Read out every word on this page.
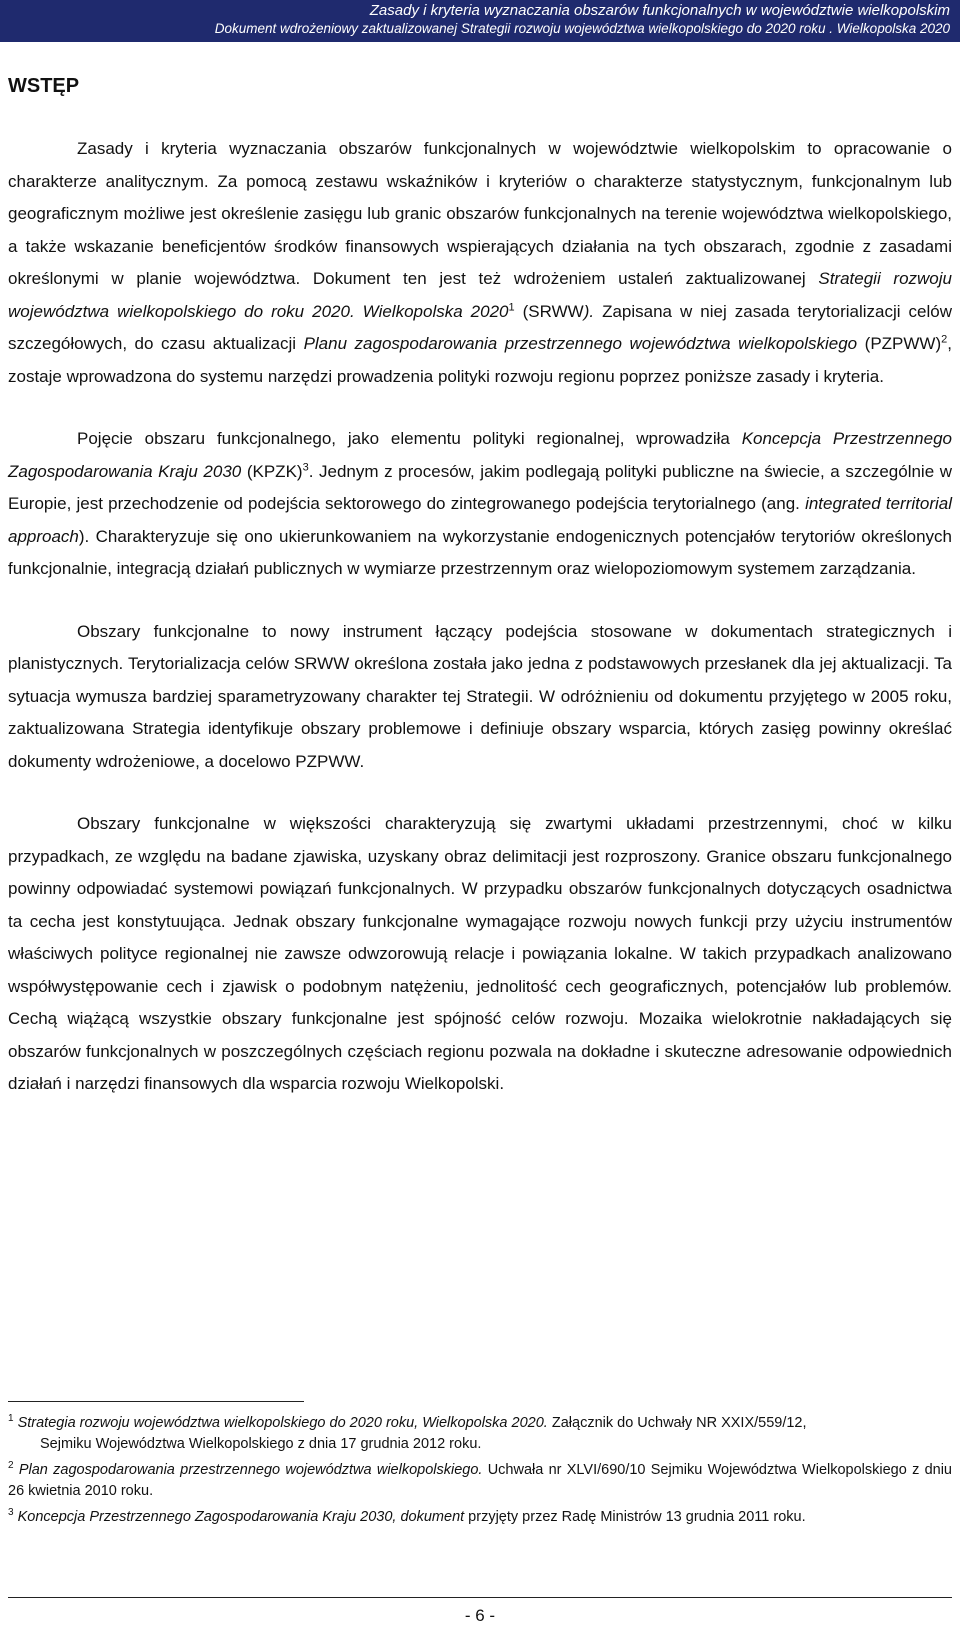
Zasady i kryteria wyznaczania obszarów funkcjonalnych w województwie wielkopolskim
Dokument wdrożeniowy zaktualizowanej Strategii rozwoju województwa wielkopolskiego do 2020 roku . Wielkopolska 2020
WSTĘP

Zasady i kryteria wyznaczania obszarów funkcjonalnych w województwie wielkopolskim to opracowanie o charakterze analitycznym. Za pomocą zestawu wskaźników i kryteriów o charakterze statystycznym, funkcjonalnym lub geograficznym możliwe jest określenie zasięgu lub granic obszarów funkcjonalnych na terenie województwa wielkopolskiego, a także wskazanie beneficjentów środków finansowych wspierających działania na tych obszarach, zgodnie z zasadami określonymi w planie województwa. Dokument ten jest też wdrożeniem ustaleń zaktualizowanej Strategii rozwoju województwa wielkopolskiego do roku 2020. Wielkopolska 2020$^1$ (SRWW). Zapisana w niej zasada terytorializacji celów szczegółowych, do czasu aktualizacji Planu zagospodarowania przestrzennego województwa wielkopolskiego (PZPWW)$^2$, zostaje wprowadzona do systemu narzędzi prowadzenia polityki rozwoju regionu poprzez poniższe zasady i kryteria.

Pojęcie obszaru funkcjonalnego, jako elementu polityki regionalnej, wprowadziła Koncepcja Przestrzennego Zagospodarowania Kraju 2030 (KPZK)$^3$. Jednym z procesów, jakim podlegają polityki publiczne na świecie, a szczególnie w Europie, jest przechodzenie od podejścia sektorowego do zintegrowanego podejścia terytorialnego (ang. integrated territorial approach). Charakteryzuje się ono ukierunkowaniem na wykorzystanie endogenicznych potencjałów terytoriów określonych funkcjonalnie, integracją działań publicznych w wymiarze przestrzennym oraz wielopoziomowym systemem zarządzania.

Obszary funkcjonalne to nowy instrument łączący podejścia stosowane w dokumentach strategicznych i planistycznych. Terytorializacja celów SRWW określona została jako jedna z podstawowych przesłanek dla jej aktualizacji. Ta sytuacja wymusza bardziej sparametryzowany charakter tej Strategii. W odróżnieniu od dokumentu przyjętego w 2005 roku, zaktualizowana Strategia identyfikuje obszary problemowe i definiuje obszary wsparcia, których zasięg powinny określać dokumenty wdrożeniowe, a docelowo PZPWW.

Obszary funkcjonalne w większości charakteryzują się zwartymi układami przestrzennymi, choć w kilku przypadkach, ze względu na badane zjawiska, uzyskany obraz delimitacji jest rozproszony. Granice obszaru funkcjonalnego powinny odpowiadać systemowi powiązań funkcjonalnych. W przypadku obszarów funkcjonalnych dotyczących osadnictwa ta cecha jest konstytuująca. Jednak obszary funkcjonalne wymagające rozwoju nowych funkcji przy użyciu instrumentów właściwych polityce regionalnej nie zawsze odwzorowują relacje i powiązania lokalne. W takich przypadkach analizowano współwystępowanie cech i zjawisk o podobnym natężeniu, jednolitość cech geograficznych, potencjałów lub problemów. Cechą wiążącą wszystkie obszary funkcjonalne jest spójność celów rozwoju. Mozaika wielokrotnie nakładających się obszarów funkcjonalnych w poszczególnych częściach regionu pozwala na dokładne i skuteczne adresowanie odpowiednich działań i narzędzi finansowych dla wsparcia rozwoju Wielkopolski.

$^1$ Strategia rozwoju województwa wielkopolskiego do 2020 roku, Wielkopolska 2020. Załącznik do Uchwały NR XXIX/559/12,
Sejmiku Województwa Wielkopolskiego z dnia 17 grudnia 2012 roku.
$^2$ Plan zagospodarowania przestrzennego województwa wielkopolskiego. Uchwała nr XLVI/690/10 Sejmiku Województwa Wielkopolskiego z dniu 26 kwietnia 2010 roku.
$^3$ Koncepcja Przestrzennego Zagospodarowania Kraju 2030, dokument przyjęty przez Radę Ministrów 13 grudnia 2011 roku.
- 6 -
